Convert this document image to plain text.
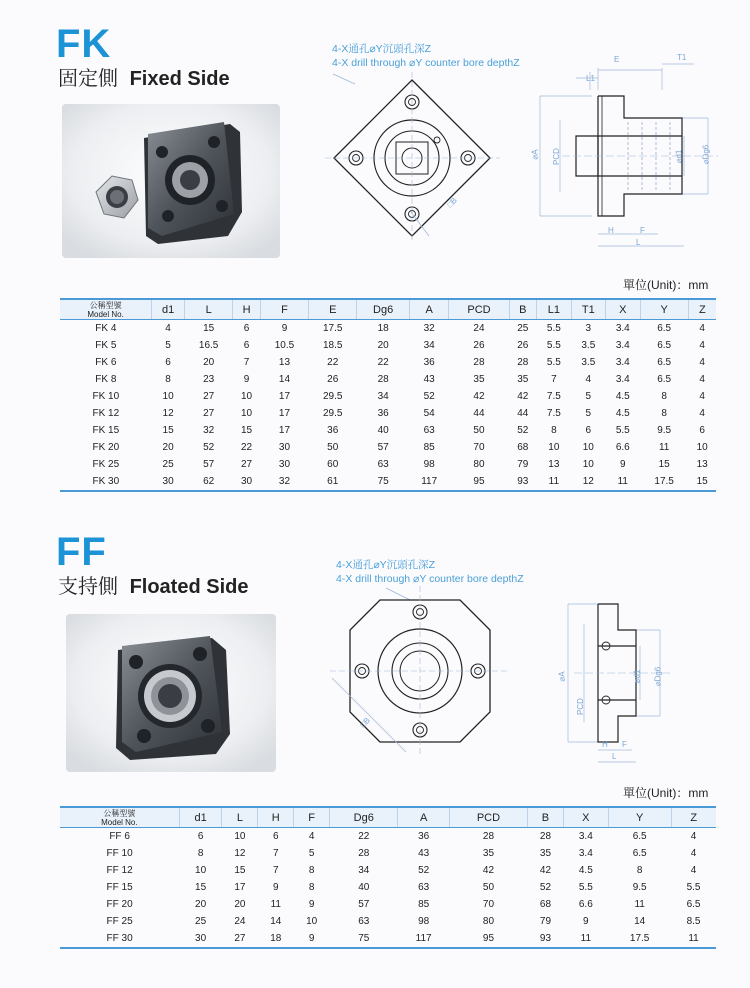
FK
固定側 Fixed Side
4-X通孔⌀Y沉頭孔深Z
4-X drill through ⌀Y counter bore depthZ
□B
E	T1
L1
⌀A PCD	⌀d1 ⌀Dg6
H	F
L
單位(Unit)：mm
公稱型號
Model No.	d1	L	H	F	E	Dg6	A	PCD	B	L1	T1	X	Y	Z
FK 4	4	15	6	9	17.5	18	32	24	25	5.5	3	3.4	6.5	4
FK 5	5	16.5	6	10.5	18.5	20	34	26	26	5.5	3.5	3.4	6.5	4
FK 6	6	20	7	13	22	22	36	28	28	5.5	3.5	3.4	6.5	4
FK 8	8	23	9	14	26	28	43	35	35	7	4	3.4	6.5	4
FK 10	10	27	10	17	29.5	34	52	42	42	7.5	5	4.5	8	4
FK 12	12	27	10	17	29.5	36	54	44	44	7.5	5	4.5	8	4
FK 15	15	32	15	17	36	40	63	50	52	8	6	5.5	9.5	6
FK 20	20	52	22	30	50	57	85	70	68	10	10	6.6	11	10
FK 25	25	57	27	30	60	63	98	80	79	13	10	9	15	13
FK 30	30	62	30	32	61	75	117	95	93	11	12	11	17.5	15
FF
支持側 Floated Side
4-X通孔⌀Y沉頭孔深Z
4-X drill through ⌀Y counter bore depthZ
□B
⌀A
PCD
⌀d1 ⌀Dg6
H F
L
單位(Unit)：mm
公稱型號
Model No.	d1	L	H	F	Dg6	A	PCD	B	X	Y	Z
FF 6	6	10	6	4	22	36	28	28	3.4	6.5	4
FF 10	8	12	7	5	28	43	35	35	3.4	6.5	4
FF 12	10	15	7	8	34	52	42	42	4.5	8	4
FF 15	15	17	9	8	40	63	50	52	5.5	9.5	5.5
FF 20	20	20	11	9	57	85	70	68	6.6	11	6.5
FF 25	25	24	14	10	63	98	80	79	9	14	8.5
FF 30	30	27	18	9	75	117	95	93	11	17.5	11
